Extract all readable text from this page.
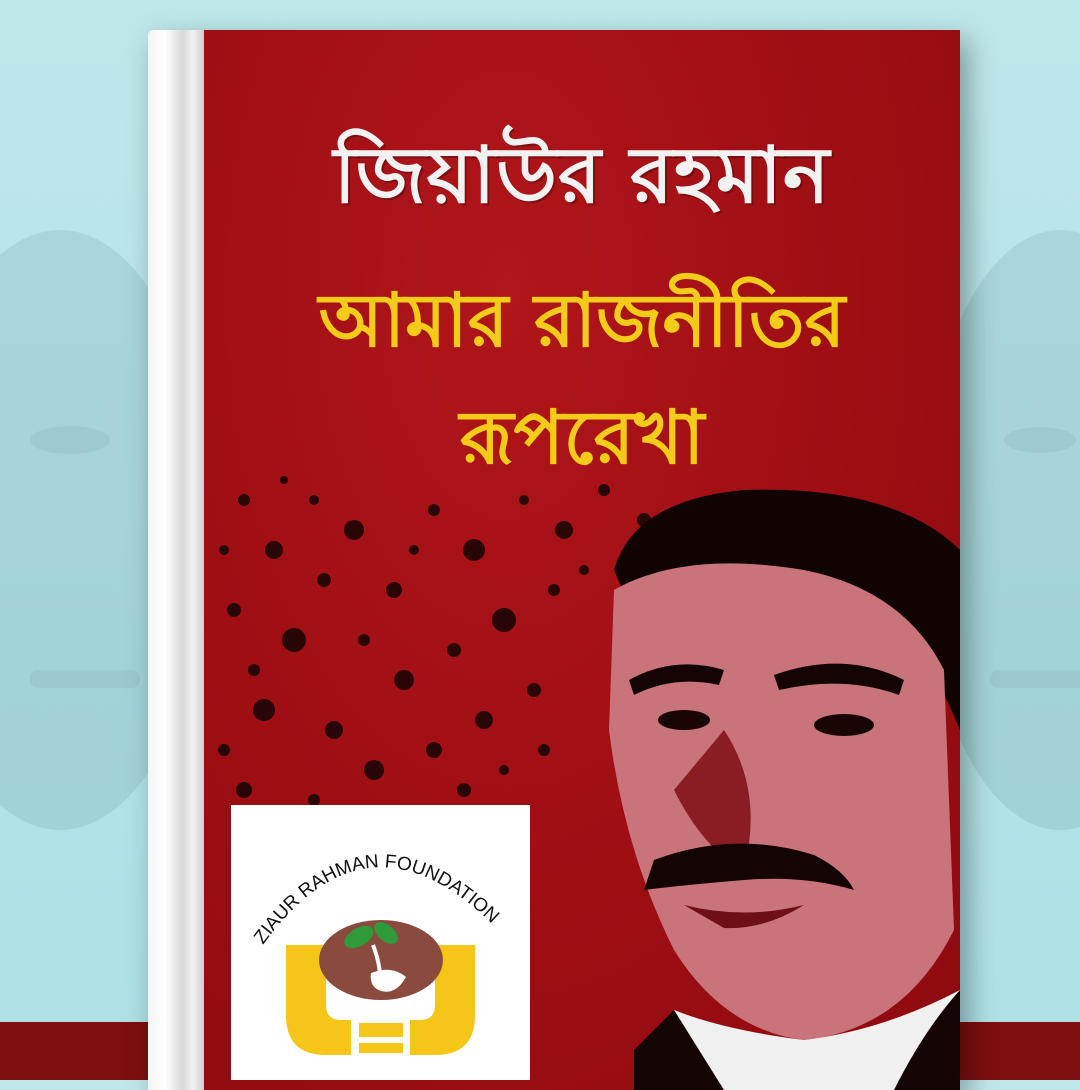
জিয়াউর রহমান
আমার রাজনীতির
রূপরেখা
ZIAUR RAHMAN FOUNDATION
